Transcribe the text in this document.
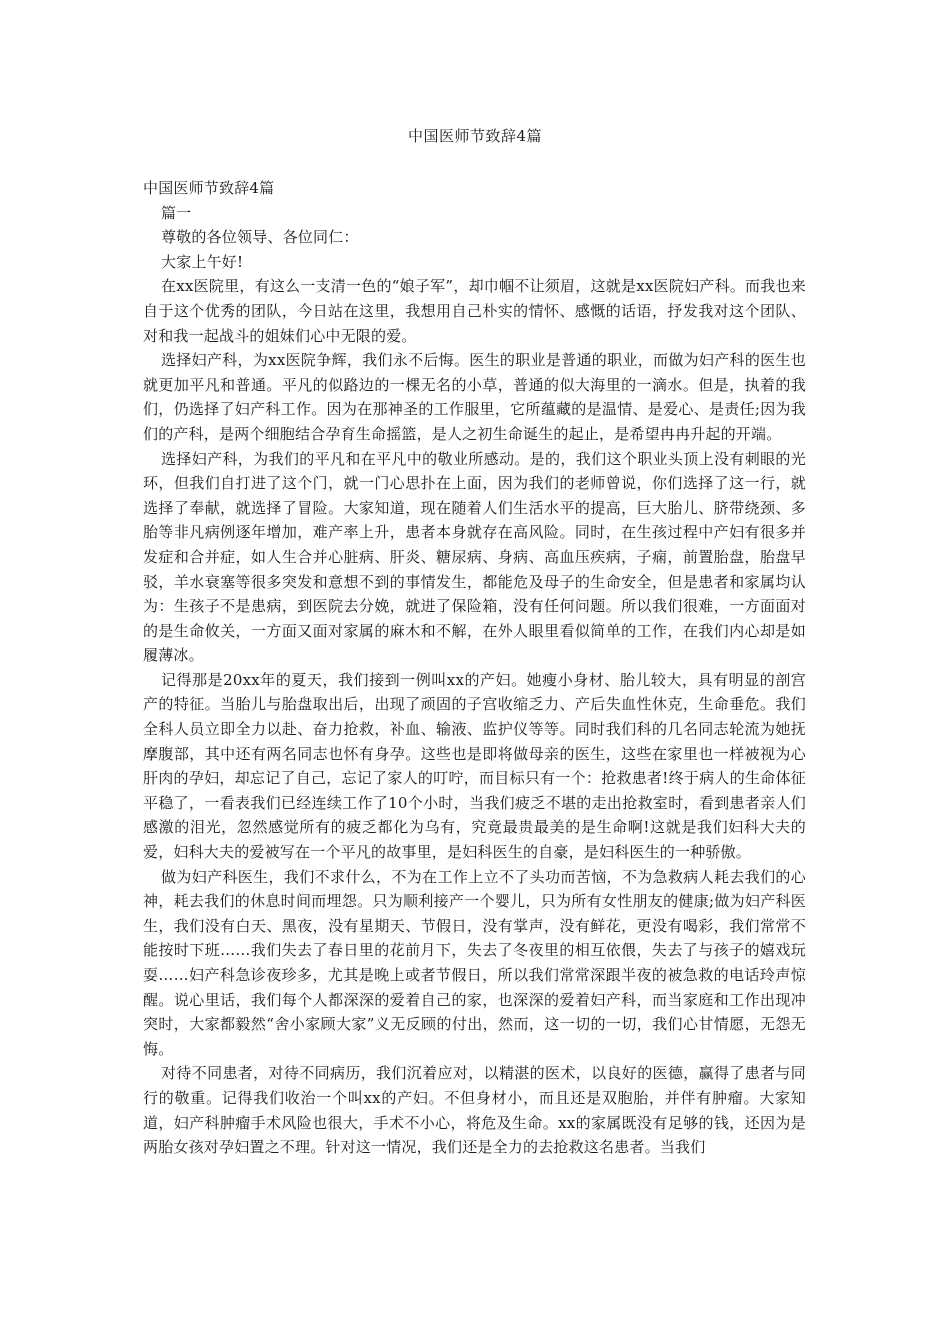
中国医师节致辞4篇

中国医师节致辞4篇

篇一

尊敬的各位领导、各位同仁：

大家上午好!

在xx医院里，有这么一支清一色的“娘子军”，却巾帼不让须眉，这就是xx医院妇产科。而我也来自于这个优秀的团队，今日站在这里，我想用自己朴实的情怀、感慨的话语，抒发我对这个团队、对和我一起战斗的姐妹们心中无限的爱。

选择妇产科，为xx医院争辉，我们永不后悔。医生的职业是普通的职业，而做为妇产科的医生也就更加平凡和普通。平凡的似路边的一棵无名的小草，普通的似大海里的一滴水。但是，执着的我们，仍选择了妇产科工作。因为在那神圣的工作服里，它所蕴藏的是温情、是爱心、是责任;因为我们的产科，是两个细胞结合孕育生命摇篮，是人之初生命诞生的起止，是希望冉冉升起的开端。

选择妇产科，为我们的平凡和在平凡中的敬业所感动。是的，我们这个职业头顶上没有刺眼的光环，但我们自打进了这个门，就一门心思扑在上面，因为我们的老师曾说，你们选择了这一行，就选择了奉献，就选择了冒险。大家知道，现在随着人们生活水平的提高，巨大胎儿、脐带绕颈、多胎等非凡病例逐年增加，难产率上升，患者本身就存在高风险。同时，在生孩过程中产妇有很多并发症和合并症，如人生合并心脏病、肝炎、糖尿病、身病、高血压疾病，子痫，前置胎盘，胎盘早驳，羊水衰塞等很多突发和意想不到的事情发生，都能危及母子的生命安全，但是患者和家属均认为：生孩子不是患病，到医院去分娩，就进了保险箱，没有任何问题。所以我们很难，一方面面对的是生命攸关，一方面又面对家属的麻木和不解，在外人眼里看似简单的工作，在我们内心却是如履薄冰。

记得那是20xx年的夏天，我们接到一例叫xx的产妇。她瘦小身材、胎儿较大，具有明显的剖宫产的特征。当胎儿与胎盘取出后，出现了顽固的子宫收缩乏力、产后失血性休克，生命垂危。我们全科人员立即全力以赴、奋力抢救，补血、输液、监护仪等等。同时我们科的几名同志轮流为她抚摩腹部，其中还有两名同志也怀有身孕。这些也是即将做母亲的医生，这些在家里也一样被视为心肝肉的孕妇，却忘记了自己，忘记了家人的叮咛，而目标只有一个：抢救患者!终于病人的生命体征平稳了，一看表我们已经连续工作了10个小时，当我们疲乏不堪的走出抢救室时，看到患者亲人们感激的泪光，忽然感觉所有的疲乏都化为乌有，究竟最贵最美的是生命啊!这就是我们妇科大夫的爱，妇科大夫的爱被写在一个平凡的故事里，是妇科医生的自豪，是妇科医生的一种骄傲。

做为妇产科医生，我们不求什么，不为在工作上立不了头功而苦恼，不为急救病人耗去我们的心神，耗去我们的休息时间而埋怨。只为顺利接产一个婴儿，只为所有女性朋友的健康;做为妇产科医生，我们没有白天、黑夜，没有星期天、节假日，没有掌声，没有鲜花，更没有喝彩，我们常常不能按时下班……我们失去了春日里的花前月下，失去了冬夜里的相互依偎，失去了与孩子的嬉戏玩耍……妇产科急诊夜珍多，尤其是晚上或者节假日，所以我们常常深跟半夜的被急救的电话玲声惊醒。说心里话，我们每个人都深深的爱着自己的家，也深深的爱着妇产科，而当家庭和工作出现冲突时，大家都毅然“舍小家顾大家”义无反顾的付出，然而，这一切的一切，我们心甘情愿，无怨无悔。

对待不同患者，对待不同病历，我们沉着应对，以精湛的医术，以良好的医德，赢得了患者与同行的敬重。记得我们收治一个叫xx的产妇。不但身材小，而且还是双胞胎，并伴有肿瘤。大家知道，妇产科肿瘤手术风险也很大，手术不小心，将危及生命。xx的家属既没有足够的钱，还因为是两胎女孩对孕妇置之不理。针对这一情况，我们还是全力的去抢救这名患者。当我们
